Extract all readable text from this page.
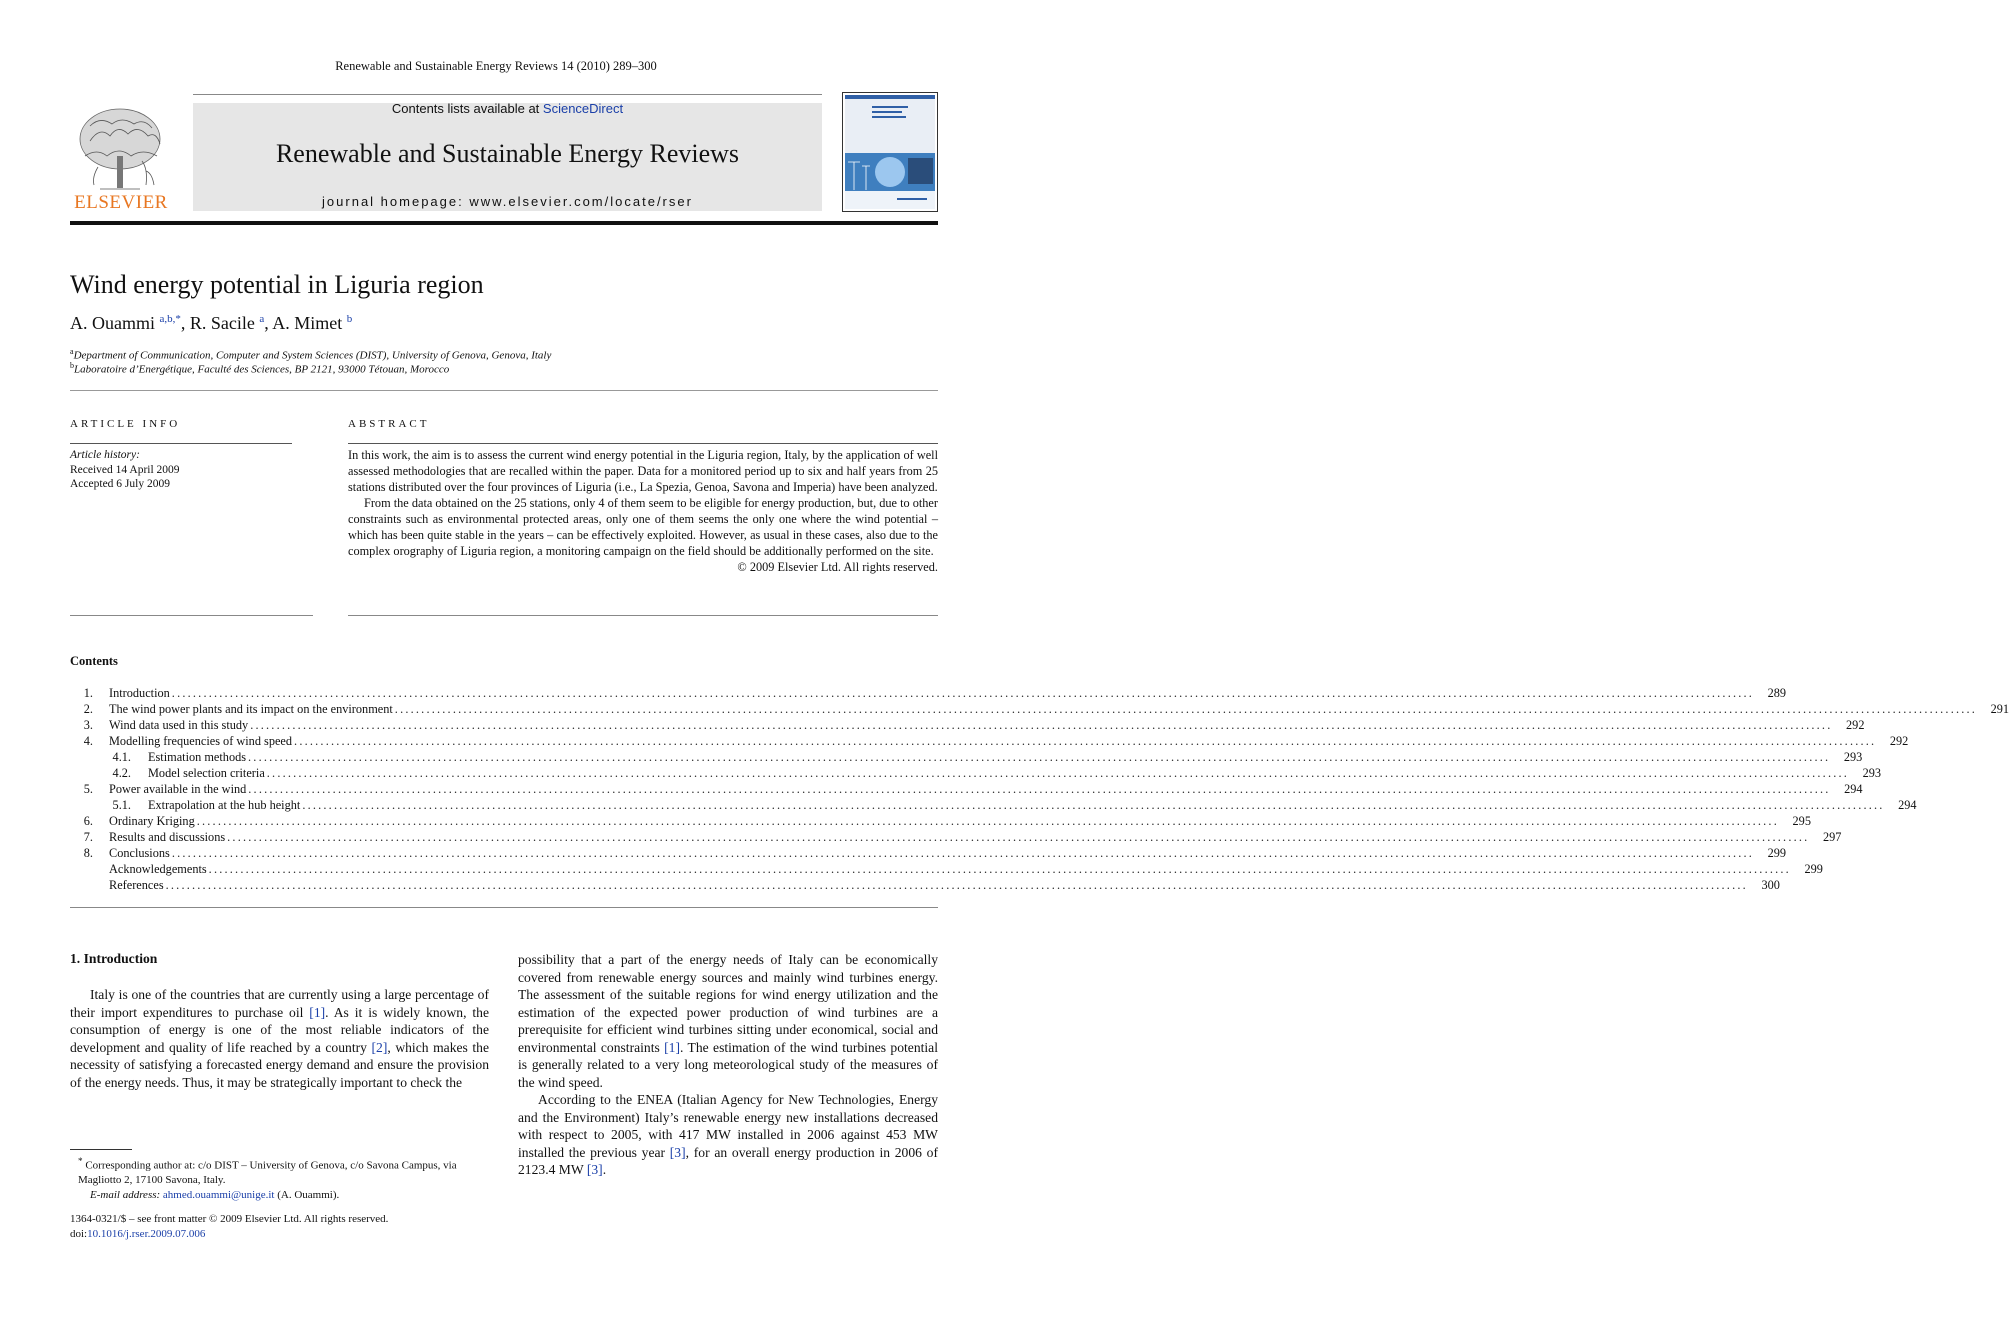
Renewable and Sustainable Energy Reviews 14 (2010) 289–300
ELSEVIER
Contents lists available at ScienceDirect
Renewable and Sustainable Energy Reviews
journal homepage: www.elsevier.com/locate/rser
Wind energy potential in Liguria region
A. Ouammi $^{a,b,*}$, R. Sacile $^a$, A. Mimet $^b$
$^a$Department of Communication, Computer and System Sciences (DIST), University of Genova, Genova, Italy
$^b$Laboratoire d’Energétique, Faculté des Sciences, BP 2121, 93000 Tétouan, Morocco
ARTICLE INFO
Article history:
Received 14 April 2009
Accepted 6 July 2009
ABSTRACT

In this work, the aim is to assess the current wind energy potential in the Liguria region, Italy, by the application of well assessed methodologies that are recalled within the paper. Data for a monitored period up to six and half years from 25 stations distributed over the four provinces of Liguria (i.e., La Spezia, Genoa, Savona and Imperia) have been analyzed.

From the data obtained on the 25 stations, only 4 of them seem to be eligible for energy production, but, due to other constraints such as environmental protected areas, only one of them seems the only one where the wind potential – which has been quite stable in the years – can be effectively exploited. However, as usual in these cases, also due to the complex orography of Liguria region, a monitoring campaign on the field should be additionally performed on the site.

© 2009 Elsevier Ltd. All rights reserved.

Contents
1.	Introduction ............................................................................................................................................................................................................................................................................................................	289
2.	The wind power plants and its impact on the environment ............................................................................................................................................................................................................................................................................................................	291
3.	Wind data used in this study ............................................................................................................................................................................................................................................................................................................	292
4.	Modelling frequencies of wind speed ............................................................................................................................................................................................................................................................................................................	292
4.1.	Estimation methods ............................................................................................................................................................................................................................................................................................................	293
4.2.	Model selection criteria ............................................................................................................................................................................................................................................................................................................	293
5.	Power available in the wind ............................................................................................................................................................................................................................................................................................................	294
5.1.	Extrapolation at the hub height ............................................................................................................................................................................................................................................................................................................	294
6.	Ordinary Kriging ............................................................................................................................................................................................................................................................................................................	295
7.	Results and discussions ............................................................................................................................................................................................................................................................................................................	297
8.	Conclusions ............................................................................................................................................................................................................................................................................................................	299
Acknowledgements ............................................................................................................................................................................................................................................................................................................	299
References ............................................................................................................................................................................................................................................................................................................	300
1. Introduction

Italy is one of the countries that are currently using a large percentage of their import expenditures to purchase oil [1]. As it is widely known, the consumption of energy is one of the most reliable indicators of the development and quality of life reached by a country [2], which makes the necessity of satisfying a forecasted energy demand and ensure the provision of the energy needs. Thus, it may be strategically important to check the

possibility that a part of the energy needs of Italy can be economically covered from renewable energy sources and mainly wind turbines energy. The assessment of the suitable regions for wind energy utilization and the estimation of the expected power production of wind turbines are a prerequisite for efficient wind turbines sitting under economical, social and environmental constraints [1]. The estimation of the wind turbines potential is generally related to a very long meteorological study of the measures of the wind speed.

According to the ENEA (Italian Agency for New Technologies, Energy and the Environment) Italy’s renewable energy new installations decreased with respect to 2005, with 417 MW installed in 2006 against 453 MW installed the previous year [3], for an overall energy production in 2006 of 2123.4 MW [3].

* Corresponding author at: c/o DIST – University of Genova, c/o Savona Campus, via Magliotto 2, 17100 Savona, Italy.
E-mail address: ahmed.ouammi@unige.it (A. Ouammi).
1364-0321/$ – see front matter © 2009 Elsevier Ltd. All rights reserved.
doi:10.1016/j.rser.2009.07.006
